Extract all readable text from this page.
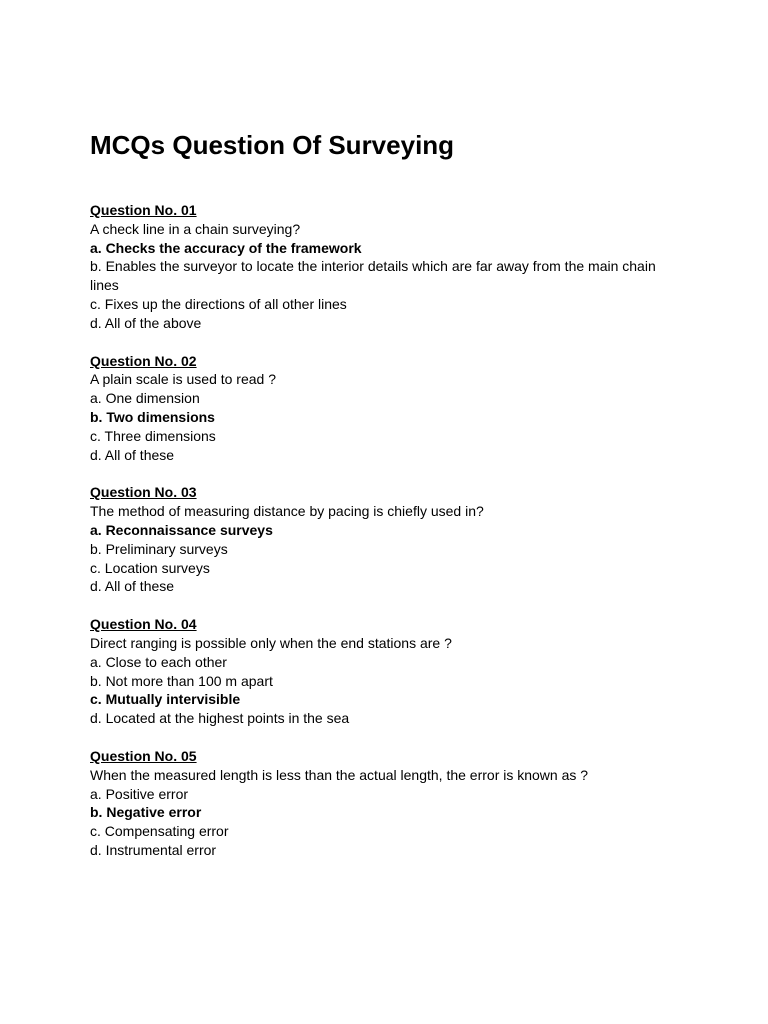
MCQs Question Of Surveying

Question No. 01

A check line in a chain surveying?

a. Checks the accuracy of the framework

b. Enables the surveyor to locate the interior details which are far away from the main chain lines

c. Fixes up the directions of all other lines

d. All of the above

Question No. 02

A plain scale is used to read ?

a. One dimension

b. Two dimensions

c. Three dimensions

d. All of these

Question No. 03

The method of measuring distance by pacing is chiefly used in?

a. Reconnaissance surveys

b. Preliminary surveys

c. Location surveys

d. All of these

Question No. 04

Direct ranging is possible only when the end stations are ?

a. Close to each other

b. Not more than 100 m apart

c. Mutually intervisible

d. Located at the highest points in the sea

Question No. 05

When the measured length is less than the actual length, the error is known as ?

a. Positive error

b. Negative error

c. Compensating error

d. Instrumental error
